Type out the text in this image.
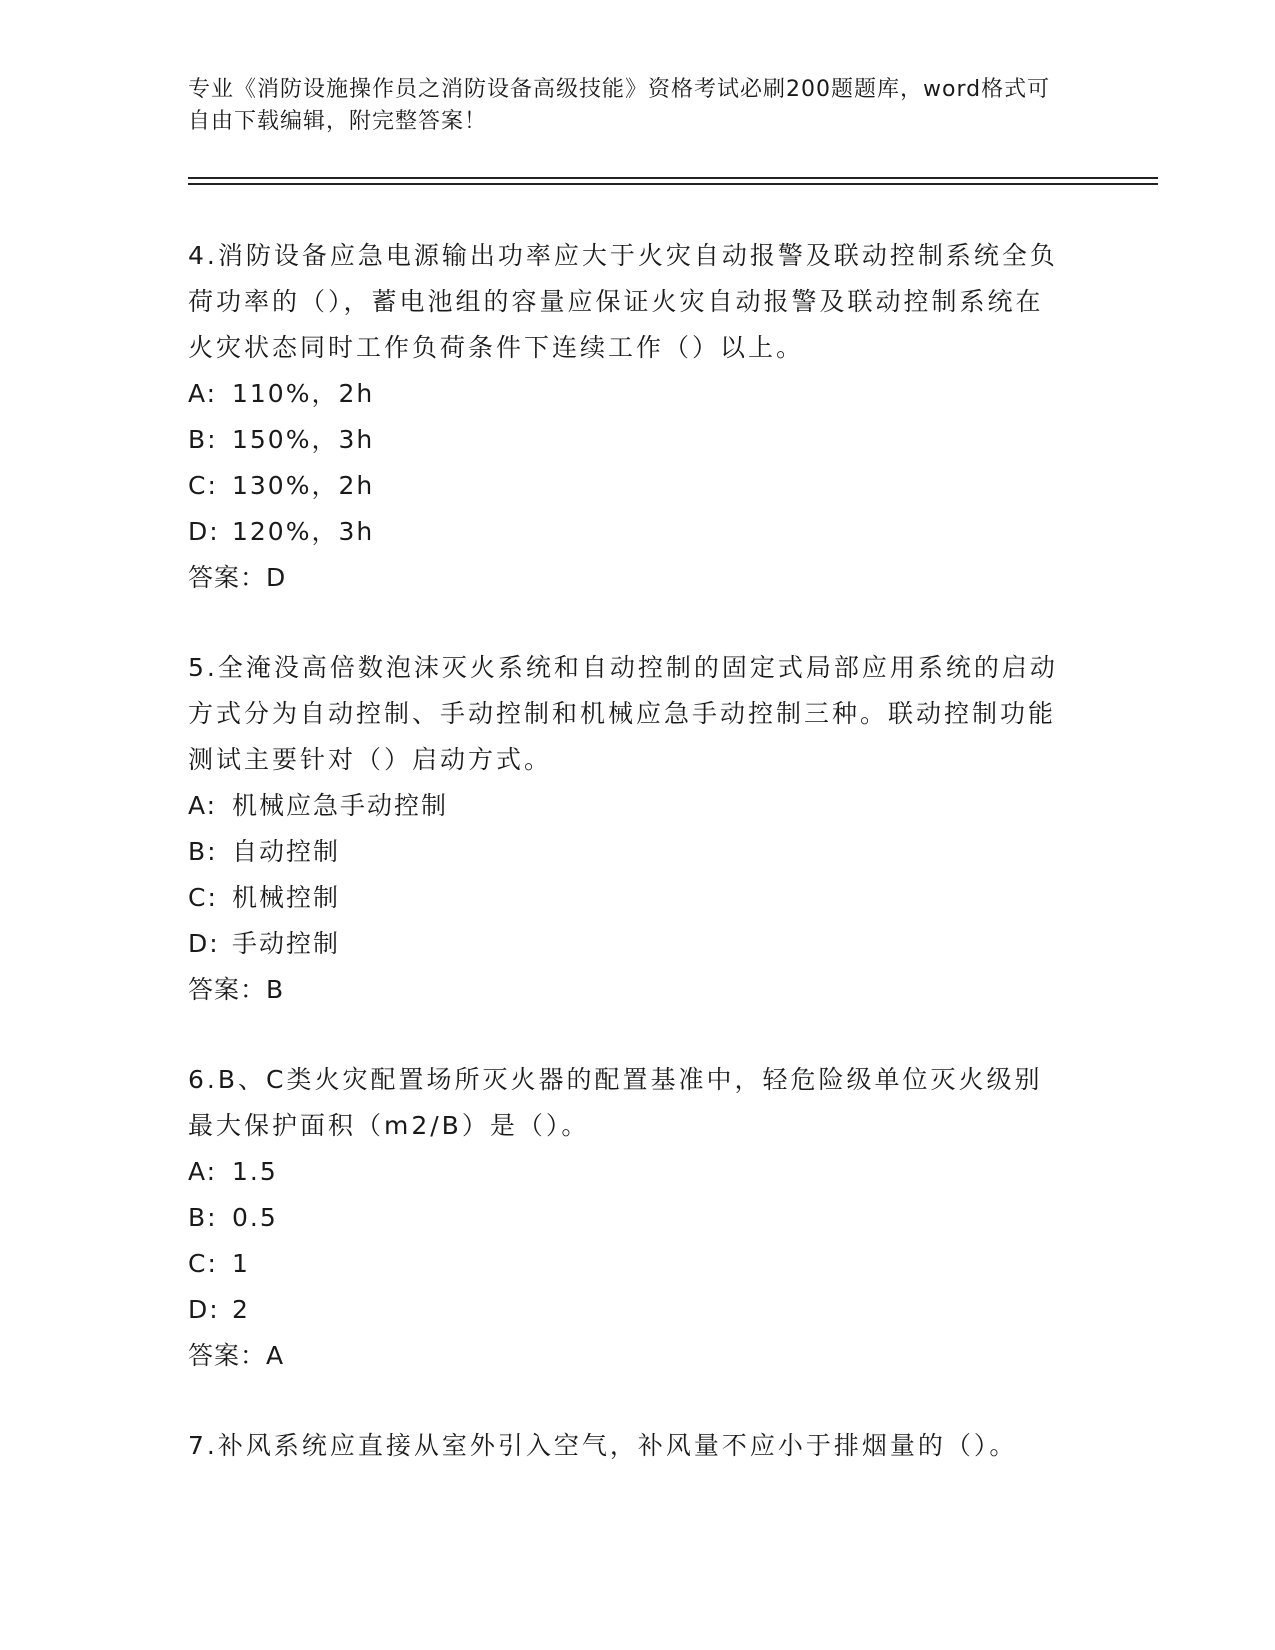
专业《消防设施操作员之消防设备高级技能》资格考试必刷200题题库，word格式可自由下载编辑，附完整答案！

4.消防设备应急电源输出功率应大于火灾自动报警及联动控制系统全负荷功率的（），蓄电池组的容量应保证火灾自动报警及联动控制系统在火灾状态同时工作负荷条件下连续工作（）以上。

A: 110%，2h
B: 150%，3h
C: 130%，2h
D: 120%，3h
答案：D

5.全淹没高倍数泡沫灭火系统和自动控制的固定式局部应用系统的启动方式分为自动控制、手动控制和机械应急手动控制三种。联动控制功能测试主要针对（）启动方式。

A: 机械应急手动控制
B: 自动控制
C: 机械控制
D: 手动控制
答案：B

6.B、C类火灾配置场所灭火器的配置基准中，轻危险级单位灭火级别最大保护面积（m2/B）是（）。

A: 1.5
B: 0.5
C: 1
D: 2
答案：A

7.补风系统应直接从室外引入空气，补风量不应小于排烟量的（）。
